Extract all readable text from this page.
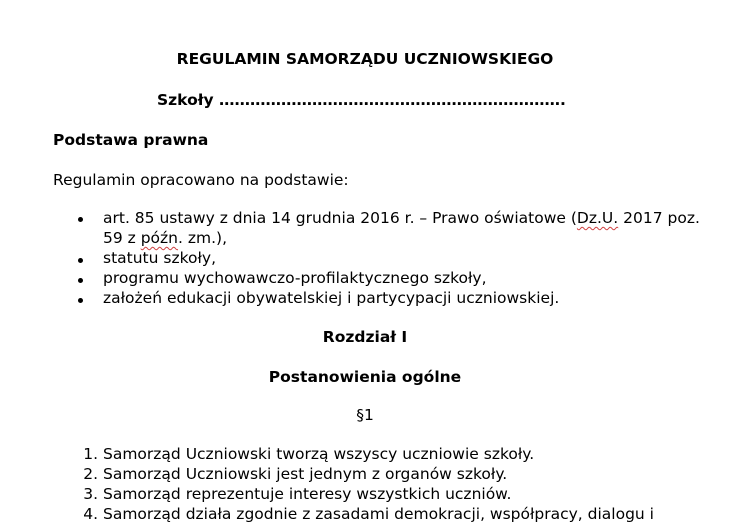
REGULAMIN SAMORZĄDU UCZNIOWSKIEGO
Szkoły ………………………………………………………….
Podstawa prawna
Regulamin opracowano na podstawie:
art. 85 ustawy z dnia 14 grudnia 2016 r. – Prawo oświatowe (Dz.U. 2017 poz.
59 z późn. zm.),
statutu szkoły,
programu wychowawczo-profilaktycznego szkoły,
założeń edukacji obywatelskiej i partycypacji uczniowskiej.
Rozdział I
Postanowienia ogólne
§1
1. Samorząd Uczniowski tworzą wszyscy uczniowie szkoły.
2. Samorząd Uczniowski jest jednym z organów szkoły.
3. Samorząd reprezentuje interesy wszystkich uczniów.
4. Samorząd działa zgodnie z zasadami demokracji, współpracy, dialogu i
